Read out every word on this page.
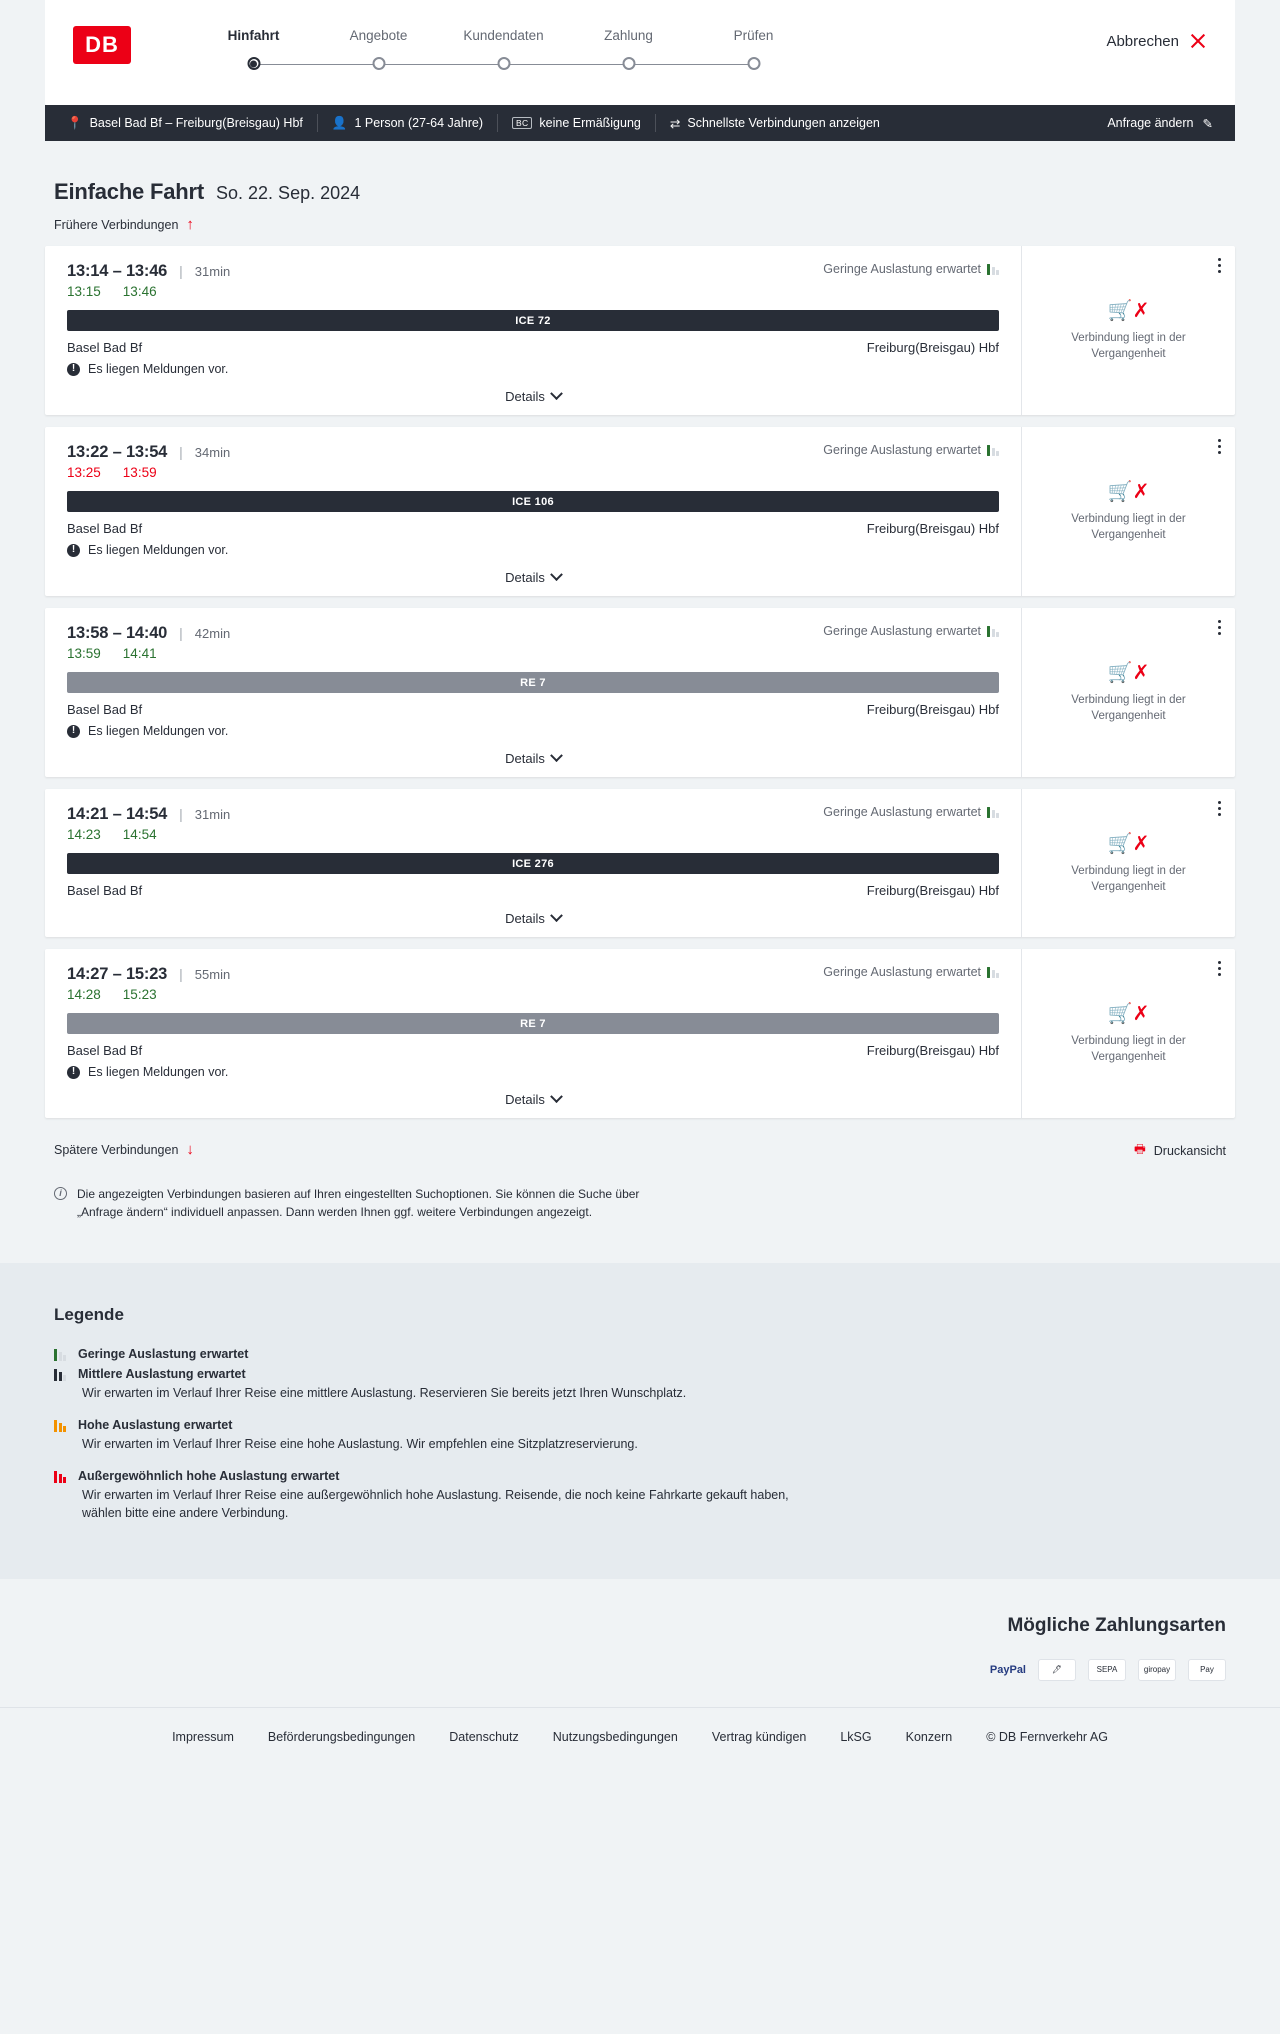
DB	Hinfahrt	Angebote	Kundendaten	Zahlung	Prüfen	Abbrechen
📍 Basel Bad Bf – Freiburg(Breisgau) Hbf 👤 1 Person (27-64 Jahre)	BC keine Ermäßigung ⇄ Schnellste Verbindungen anzeigen	Anfrage ändern ✎
Einfache Fahrt So. 22. Sep. 2024
Frühere Verbindungen ↑
13:14 – 13:46 | 31min	Geringe Auslastung erwartet
13:15 13:46
ICE 72
Basel Bad Bf	Freiburg(Breisgau) Hbf
!	Es liegen Meldungen vor.
Details
🛒✗
Verbindung liegt in der Vergangenheit
13:22 – 13:54 | 34min	Geringe Auslastung erwartet
13:25 13:59
ICE 106
Basel Bad Bf	Freiburg(Breisgau) Hbf
!	Es liegen Meldungen vor.
Details
🛒✗
Verbindung liegt in der Vergangenheit
13:58 – 14:40 | 42min	Geringe Auslastung erwartet
13:59 14:41
RE 7
Basel Bad Bf	Freiburg(Breisgau) Hbf
!	Es liegen Meldungen vor.
Details
🛒✗
Verbindung liegt in der Vergangenheit
14:21 – 14:54 | 31min	Geringe Auslastung erwartet
14:23 14:54
ICE 276
Basel Bad Bf	Freiburg(Breisgau) Hbf
Details
🛒✗
Verbindung liegt in der Vergangenheit
14:27 – 15:23 | 55min	Geringe Auslastung erwartet
14:28 15:23
RE 7
Basel Bad Bf	Freiburg(Breisgau) Hbf
!	Es liegen Meldungen vor.
Details
🛒✗
Verbindung liegt in der Vergangenheit
Spätere Verbindungen ↓	🖶 Druckansicht
i	Die angezeigten Verbindungen basieren auf Ihren eingestellten Suchoptionen. Sie können die Suche über „Anfrage ändern“ individuell anpassen. Dann werden Ihnen ggf. weitere Verbindungen angezeigt.
Legende
Geringe Auslastung erwartet
Mittlere Auslastung erwartet
Wir erwarten im Verlauf Ihrer Reise eine mittlere Auslastung. Reservieren Sie bereits jetzt Ihren Wunschplatz.
Hohe Auslastung erwartet
Wir erwarten im Verlauf Ihrer Reise eine hohe Auslastung. Wir empfehlen eine Sitzplatzreservierung.
Außergewöhnlich hohe Auslastung erwartet
Wir erwarten im Verlauf Ihrer Reise eine außergewöhnlich hohe Auslastung. Reisende, die noch keine Fahrkarte gekauft haben, wählen bitte eine andere Verbindung.
Mögliche Zahlungsarten
PayPal	🖊	SEPA	giropay	Pay
Impressum	Beförderungsbedingungen	Datenschutz	Nutzungsbedingungen	Vertrag kündigen	LkSG	Konzern	© DB Fernverkehr AG
